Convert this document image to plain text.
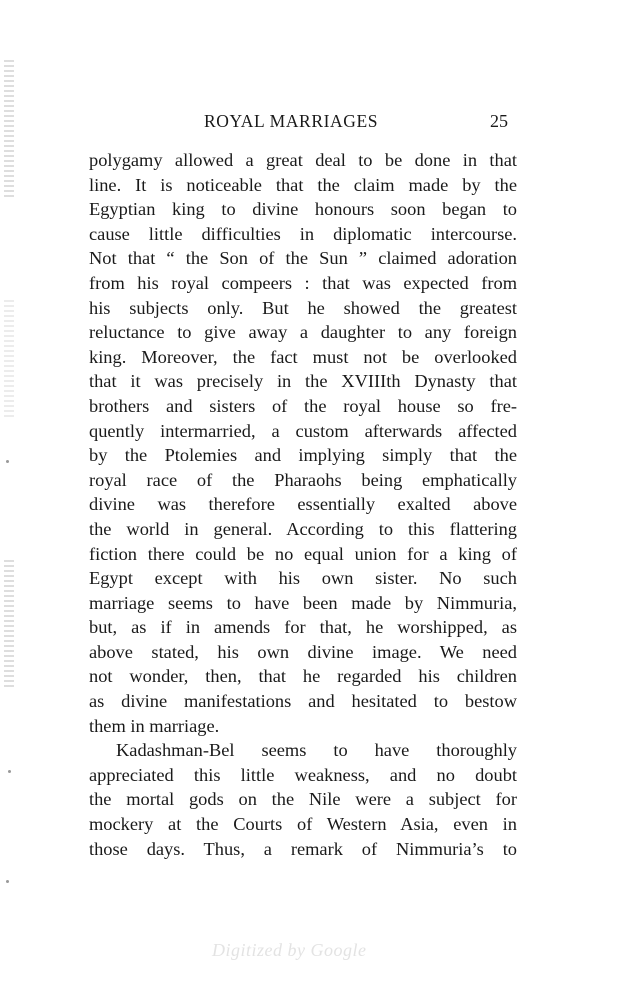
ROYAL MARRIAGES	25
polygamy allowed a great deal to be done in that
line. It is noticeable that the claim made by the
Egyptian king to divine honours soon began to
cause little difficulties in diplomatic intercourse.
Not that “ the Son of the Sun ” claimed adoration
from his royal compeers : that was expected from
his subjects only. But he showed the greatest
reluctance to give away a daughter to any foreign
king. Moreover, the fact must not be overlooked
that it was precisely in the XVIIIth Dynasty that
brothers and sisters of the royal house so fre-
quently intermarried, a custom afterwards affected
by the Ptolemies and implying simply that the
royal race of the Pharaohs being emphatically
divine was therefore essentially exalted above
the world in general. According to this flattering
fiction there could be no equal union for a king of
Egypt except with his own sister. No such
marriage seems to have been made by Nimmuria,
but, as if in amends for that, he worshipped, as
above stated, his own divine image. We need
not wonder, then, that he regarded his children
as divine manifestations and hesitated to bestow
them in marriage.
Kadashman-Bel seems to have thoroughly
appreciated this little weakness, and no doubt
the mortal gods on the Nile were a subject for
mockery at the Courts of Western Asia, even in
those days. Thus, a remark of Nimmuria’s to
Digitized by Google
